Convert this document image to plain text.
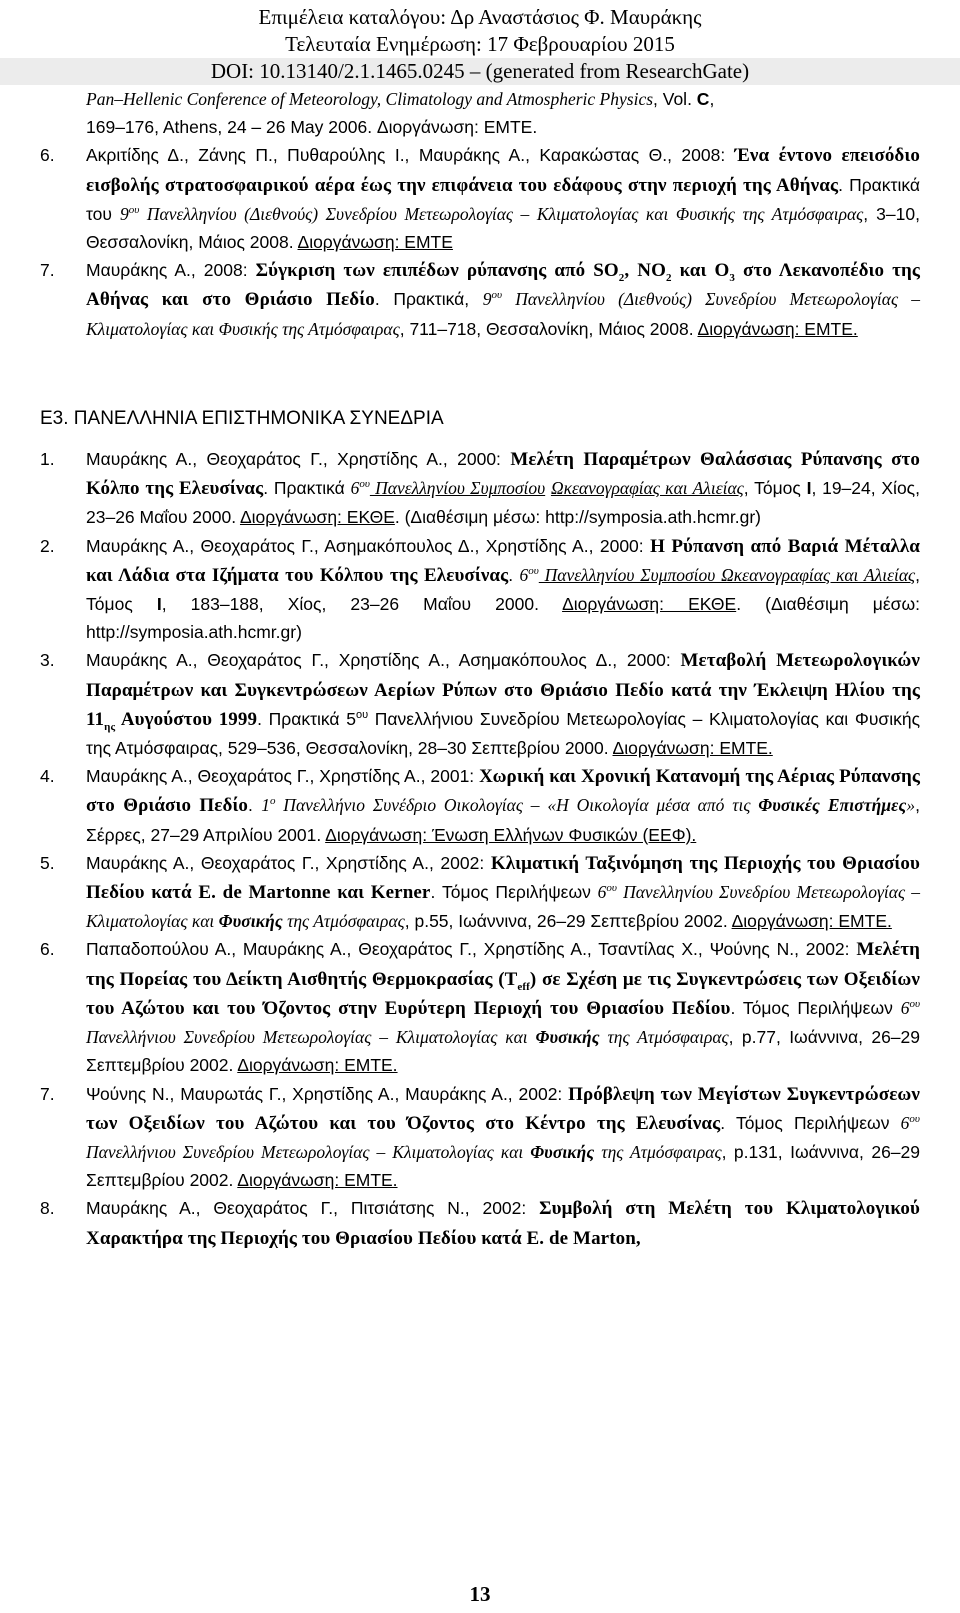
Επιμέλεια καταλόγου: Δρ Αναστάσιος Φ. Μαυράκης
Τελευταία Ενημέρωση: 17 Φεβρουαρίου 2015
DOI: 10.13140/2.1.1465.0245 – (generated from ResearchGate)

Pan–Hellenic Conference of Meteorology, Climatology and Atmospheric Physics, Vol. C,
169–176, Athens, 24 – 26 May 2006. Διοργάνωση: ΕΜΤΕ.

6. Ακριτίδης Δ., Ζάνης Π., Πυθαρούλης Ι., Μαυράκης Α., Καρακώστας Θ., 2008: Ένα έντονο επεισόδιο εισβολής στρατοσφαιρικού αέρα έως την επιφάνεια του εδάφους στην περιοχή της Αθήνας. Πρακτικά του $9^{o\upsilon}$ Πανελληνίου (Διεθνούς) Συνεδρίου Μετεωρολογίας – Κλιματολογίας και Φυσικής της Ατμόσφαιρας, 3–10, Θεσσαλονίκη, Μάιος 2008. Διοργάνωση: ΕΜΤΕ

7. Μαυράκης Α., 2008: Σύγκριση των επιπέδων ρύπανσης από $SO_2$, $NO_2$ και $O_3$ στο Λεκανοπέδιο της Αθήνας και στο Θριάσιο Πεδίο. Πρακτικά, $9^{o\upsilon}$ Πανελληνίου (Διεθνούς) Συνεδρίου Μετεωρολογίας – Κλιματολογίας και Φυσικής της Ατμόσφαιρας, 711–718, Θεσσαλονίκη, Μάιος 2008. Διοργάνωση: ΕΜΤΕ.

Ε3. ΠΑΝΕΛΛΗΝΙΑ ΕΠΙΣΤΗΜΟΝΙΚΑ ΣΥΝΕΔΡΙΑ

1. Μαυράκης Α., Θεοχαράτος Γ., Χρηστίδης Α., 2000: Μελέτη Παραμέτρων Θαλάσσιας Ρύπανσης στο Κόλπο της Ελευσίνας. Πρακτικά $6^{o\upsilon}$ Πανελληνίου Συμποσίου Ωκεανογραφίας και Αλιείας, Τόμος Ι, 19–24, Χίος, 23–26 Μαΐου 2000. Διοργάνωση: ΕΚΘΕ. (Διαθέσιμη μέσω: http://symposia.ath.hcmr.gr)

2. Μαυράκης Α., Θεοχαράτος Γ., Ασημακόπουλος Δ., Χρηστίδης Α., 2000: Η Ρύπανση από Βαριά Μέταλλα και Λάδια στα Ιζήματα του Κόλπου της Ελευσίνας. $6^{o\upsilon}$ Πανελληνίου Συμποσίου Ωκεανογραφίας και Αλιείας, Τόμος Ι, 183–188, Χίος, 23–26 Μαΐου 2000. Διοργάνωση: ΕΚΘΕ. (Διαθέσιμη μέσω: http://symposia.ath.hcmr.gr)

3. Μαυράκης Α., Θεοχαράτος Γ., Χρηστίδης Α., Ασημακόπουλος Δ., 2000: Μεταβολή Μετεωρολογικών Παραμέτρων και Συγκεντρώσεων Αερίων Ρύπων στο Θριάσιο Πεδίο κατά την Έκλειψη Ηλίου της $11_{\eta\varsigma}$ Αυγούστου 1999. Πρακτικά $5^{o\upsilon}$ Πανελλήνιου Συνεδρίου Μετεωρολογίας – Κλιματολογίας και Φυσικής της Ατμόσφαιρας, 529–536, Θεσσαλονίκη, 28–30 Σεπτεβρίου 2000. Διοργάνωση: ΕΜΤΕ.

4. Μαυράκης Α., Θεοχαράτος Γ., Χρηστίδης Α., 2001: Χωρική και Χρονική Κατανομή της Αέριας Ρύπανσης στο Θριάσιο Πεδίο. $1^o$ Πανελλήνιο Συνέδριο Οικολογίας – «Η Οικολογία μέσα από τις Φυσικές Επιστήμες», Σέρρες, 27–29 Απριλίου 2001. Διοργάνωση: Ένωση Ελλήνων Φυσικών (ΕΕΦ).

5. Μαυράκης Α., Θεοχαράτος Γ., Χρηστίδης Α., 2002: Κλιματική Ταξινόμηση της Περιοχής του Θριασίου Πεδίου κατά E. de Martonne και Kerner. Τόμος Περιλήψεων $6^{o\upsilon}$ Πανελληνίου Συνεδρίου Μετεωρολογίας – Κλιματολογίας και Φυσικής της Ατμόσφαιρας, p.55, Ιωάννινα, 26–29 Σεπτεβρίου 2002. Διοργάνωση: ΕΜΤΕ.

6. Παπαδοπούλου Α., Μαυράκης Α., Θεοχαράτος Γ., Χρηστίδης Α., Τσαντίλας Χ., Ψούνης Ν., 2002: Μελέτη της Πορείας του Δείκτη Αισθητής Θερμοκρασίας $(T_{eff})$ σε Σχέση με τις Συγκεντρώσεις των Οξειδίων του Αζώτου και του Όζοντος στην Ευρύτερη Περιοχή του Θριασίου Πεδίου. Τόμος Περιλήψεων $6^{o\upsilon}$ Πανελλήνιου Συνεδρίου Μετεωρολογίας – Κλιματολογίας και Φυσικής της Ατμόσφαιρας, p.77, Ιωάννινα, 26–29 Σεπτεμβρίου 2002. Διοργάνωση: ΕΜΤΕ.

7. Ψούνης Ν., Μαυρωτάς Γ., Χρηστίδης Α., Μαυράκης Α., 2002: Πρόβλεψη των Μεγίστων Συγκεντρώσεων των Οξειδίων του Αζώτου και του Όζοντος στο Κέντρο της Ελευσίνας. Τόμος Περιλήψεων $6^{o\upsilon}$ Πανελλήνιου Συνεδρίου Μετεωρολογίας – Κλιματολογίας και Φυσικής της Ατμόσφαιρας, p.131, Ιωάννινα, 26–29 Σεπτεμβρίου 2002. Διοργάνωση: ΕΜΤΕ.

8. Μαυράκης Α., Θεοχαράτος Γ., Πιτσιάτσης Ν., 2002: Συμβολή στη Μελέτη του Κλιματολογικού Χαρακτήρα της Περιοχής του Θριασίου Πεδίου κατά E. de Marton,

13
